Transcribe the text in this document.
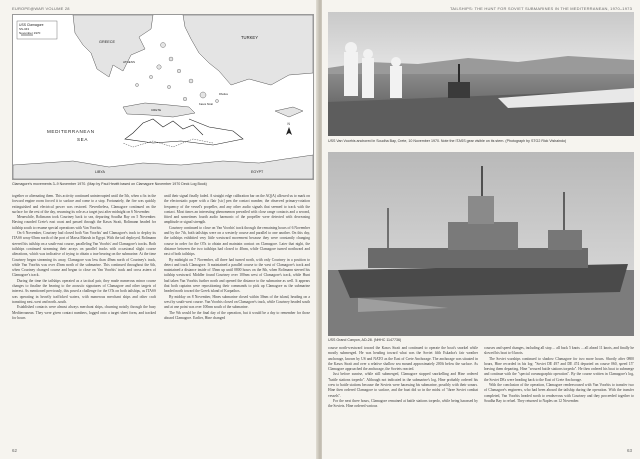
EUROPE@WAR VOLUME 28
USS Clamagore
SS-343
November 1970
GREECE
ATHENS
TURKEY
CRETE
Kasos Strait
Rhodes
MEDITERRANEAN
SEA
LIBYA	EGYPT
N
Clamagore's movements 3–9 November 1970. (Map by Paul Hewitt based on Clamagore November 1970 Deck Log Book)

together or alternating them. This activity continued uninterrupted until the 5th, when a fix in the forward engine room forced it to surface and come to a stop. Fortunately, the fire was quickly extinguished and electrical power was restored. Nevertheless, Clamagore continued on the surface for the rest of the day, resuming its role as a target just after midnight on 6 November.

Meanwhile, Rolimann took Courtney back to sea, departing Soudha Bay on 5 November. Having rounded Crete's east coast and passed through the Kasos Strait, Rolimann headed for tailship south to resume special operations with Van Voorhis.

On 6 November, Courtney had closed both Van Voorhis' and Clamagore's track to deploy its ITASS array 65nm north of the port of Marsa Matruh in Egypt. With the tail deployed, Rolimann steered his tailship on a south-east course, paralleling Van Voorhis' and Clamagore's tracks. Both tailships continued streaming their arrays on parallel tracks with occasional slight course alterations, which was indicative of trying to obtain a true bearing on the submarine. At the time Courtney began streaming its array, Clamagore was less than 40nm north of Courtney's track, while Van Voorhis was over 45nm north of the submarine. This continued throughout the 6th, when Courtney changed course and began to close on Van Voorhis' track and cross astern of Clamagore's track.

During the time the tailships operated as a tactical pair, they made numerous minor course changes to finalise the bearing to the acoustic signatures of Clamagore and other targets of interest. As mentioned previously, this posed a challenge for the OTs on both tailships, as ITASS was operating in heavily trafficked waters, with numerous merchant ships and other craft transiting east–west and north–south.

Established contacts were almost always merchant ships, churning noisily through the busy Mediterranean. They were given contact numbers, logged onto a target sheet form, and tracked for hours

until their signal finally faded. A straight edge calibration bar on the AQ(A) allowed us to mark on the electrostatic paper with a flair [sic] pen the contact number, the observed primary-rotation frequency of the vessel's propeller, and any other audio signals that seemed to track with the contact. Most times an interesting phenomenon prevailed with close range contacts and a second, fitted and sometimes fourth audio harmonic of the propeller were detected with decreasing amplitude or signal strength.

Courtney continued to close on Van Voorhis' track through the remaining hours of 6 November and by the 7th, both tailships were on a westerly course and parallel to one another. On this day, the tailships exhibited very little westward movement because they were constantly changing course in order for the OTs to obtain and maintain contact on Clamagore. Later that night, the distance between the two tailships had closed to 40nm, while Clamagore turned northward and east of both tailships.

By midnight on 7 November, all three had turned north, with only Courtney in a position to detect and track Clamagore. It maintained a parallel course to the west of Clamagore's track and maintained a distance inside of 35nm up until 0800 hours on the 8th, when Rolimann steered his tailship westward. Middler found Courtney over 100nm west of Clamagore's track, while Hunt had taken Van Voorhis further north and opened the distance to the submarine as well. It appears that both captains were repositioning their commands to pick up Clamagore as the submarine headed north toward the Greek island of Karpathos.

By midday on 8 November, Hines submarine closed within 30nm of the island, heading on a west by south-west course. Van Voorhis closed on Clamagore's track, while Courtney headed south and at one point was over 100nm south of the submarine.

The 9th would be the final day of the operation, but it would be a day to remember for those aboard Clamagore. Earlier, Hine changed

62
TAILSHIPS: THE HUNT FOR SOVIET SUBMARINES IN THE MEDITERRANEAN, 1970–1973
USS Van Voorhis anchored in Soudha Bay, Crete, 10 November 1970. Note the ITASS gear visible on its stern. (Photograph by STG2 Rick Vishaindo)
USS Grand Canyon, AD-28. (NHHC 1147736)

course north-westward toward the Kasos Strait and continued to operate the boat's snorkel while mostly submerged. He was heading toward what was the Soviet fifth Eskadra's fair weather anchorage, known by US and NATO as the East of Crete Anchorage. The anchorage was situated in the Kasos Strait and over a relative shallow sea mound approximately 200ft below the surface. As Clamagore approached the anchorage, the Soviets reacted.

Just before sunrise, while still submerged, Clamagore stopped snorkelling and Hine ordered "battle stations torpedo". Although not indicated in the submarine's log, Hine probably ordered his crew to battle stations because the Soviets were harassing his submarine, possibly with their sonars. Hine then ordered Clamagore to surface, and the boat did so in the midst of "three Soviet combat vessels".

For the next three hours, Clamagore remained at battle stations torpedo, while being harassed by the Soviets. Hine ordered various

courses and speed changes, including all stop ... all back 5 knots ... all ahead 11 knots, and finally he slowed his boat to 6 knots.

The Soviet warships continued to shadow Clamagore for two more hours. Shortly after 0800 hours, Hine recorded in his log: "Soviet DE 497 and DE 474 departed on course 060, speed 15" leaving them departing. Hine "secured battle stations torpedo". He then ordered his boat to submerge and continue with the "special oceanographic operation". By the course written in Clamagore's log, the Soviet DEs were heading back to the East of Crete Anchorage.

With the conclusion of the operation, Clamagore rendezvoused with Van Voorhis to transfer two of Clamagore's engineers, who had been aboard the tailship during the operation. With the transfer completed, Van Voorhis headed north to rendezvous with Courtney and they proceeded together to Soudha Bay to refuel. They returned to Naples on 12 November.

63
